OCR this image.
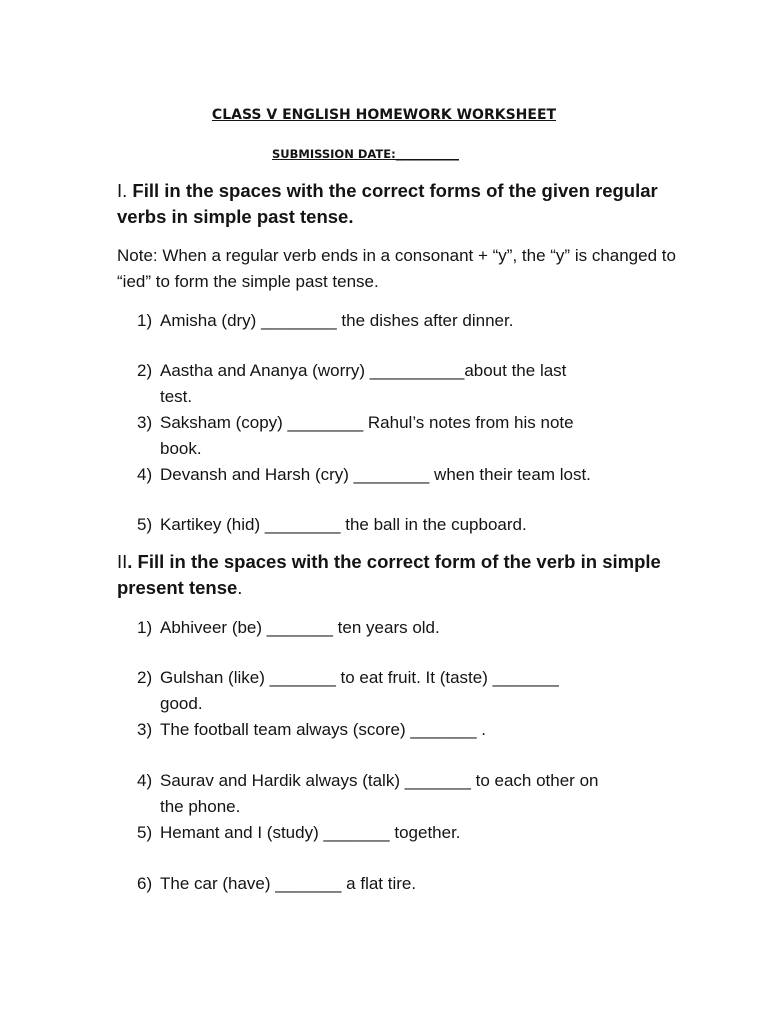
CLASS V ENGLISH HOMEWORK WORKSHEET
SUBMISSION DATE:___________
I. Fill in the spaces with the correct forms of the given regular verbs in simple past tense.
Note: When a regular verb ends in a consonant + “y”, the “y” is changed to “ied” to form the simple past tense.
1) Amisha (dry) ________ the dishes after dinner.
2) Aastha and Ananya (worry) __________about the last
test.
3) Saksham (copy) ________ Rahul’s notes from his note
book.
4) Devansh and Harsh (cry) ________ when their team lost.
5) Kartikey (hid) ________ the ball in the cupboard.
II. Fill in the spaces with the correct form of the verb in simple present tense.
1) Abhiveer (be) _______ ten years old.
2) Gulshan (like) _______ to eat fruit. It (taste) _______
good.
3) The football team always (score) _______ .
4) Saurav and Hardik always (talk) _______ to each other on
the phone.
5) Hemant and I (study) _______ together.
6) The car (have) _______ a flat tire.
